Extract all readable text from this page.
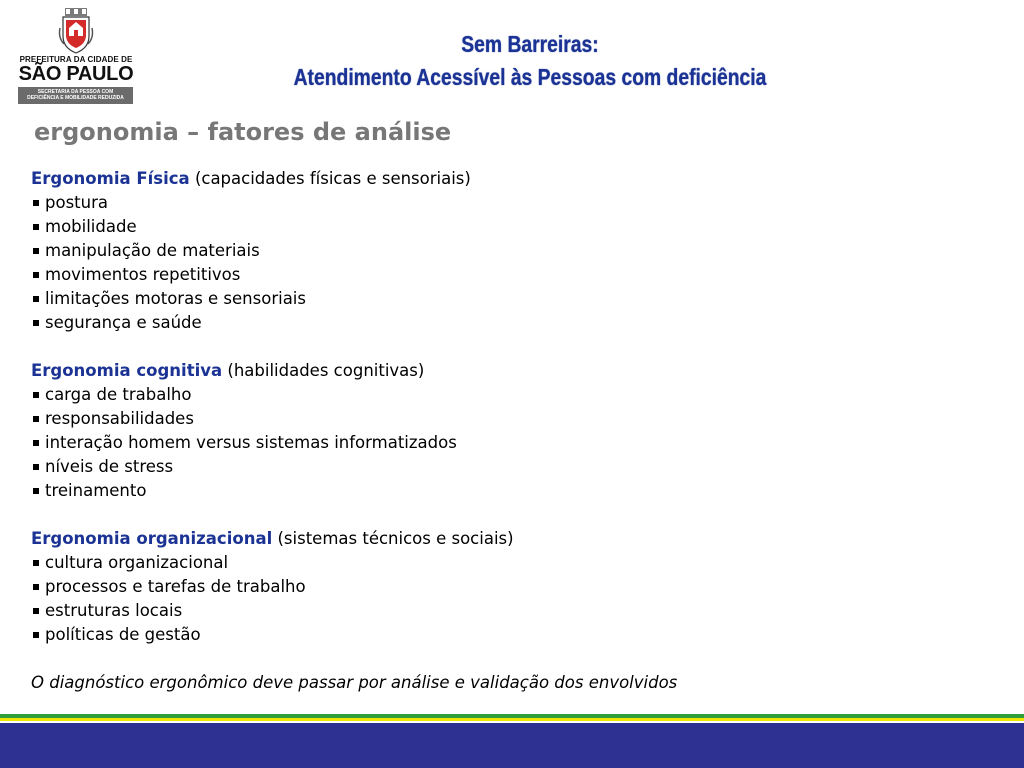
PREFEITURA DA CIDADE DE
SÃO PAULO
SECRETARIA DA PESSOA COM
DEFICIÊNCIA E MOBILIDADE REDUZIDA
Sem Barreiras:
Atendimento Acessível às Pessoas com deficiência
ergonomia – fatores de análise
Ergonomia Física (capacidades físicas e sensoriais)
postura
mobilidade
manipulação de materiais
movimentos repetitivos
limitações motoras e sensoriais
segurança e saúde
Ergonomia cognitiva (habilidades cognitivas)
carga de trabalho
responsabilidades
interação homem versus sistemas informatizados
níveis de stress
treinamento
Ergonomia organizacional (sistemas técnicos e sociais)
cultura organizacional
processos e tarefas de trabalho
estruturas locais
políticas de gestão
O diagnóstico ergonômico deve passar por análise e validação dos envolvidos
